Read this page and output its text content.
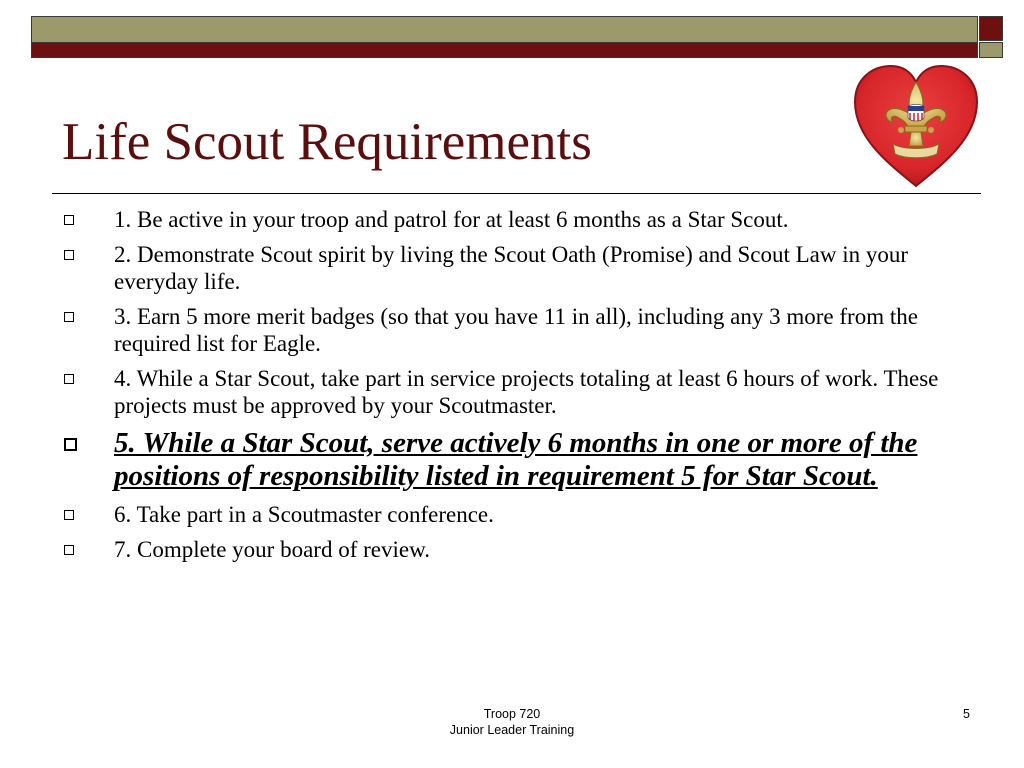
Life Scout Requirements
1. Be active in your troop and patrol for at least 6 months as a Star Scout.
2. Demonstrate Scout spirit by living the Scout Oath (Promise) and Scout Law in your everyday life.
3. Earn 5 more merit badges (so that you have 11 in all), including any 3 more from the required list for Eagle.
4. While a Star Scout, take part in service projects totaling at least 6 hours of work. These projects must be approved by your Scoutmaster.
5. While a Star Scout, serve actively 6 months in one or more of the positions of responsibility listed in requirement 5 for Star Scout.
6. Take part in a Scoutmaster conference.
7. Complete your board of review.
Troop 720
Junior Leader Training
5
